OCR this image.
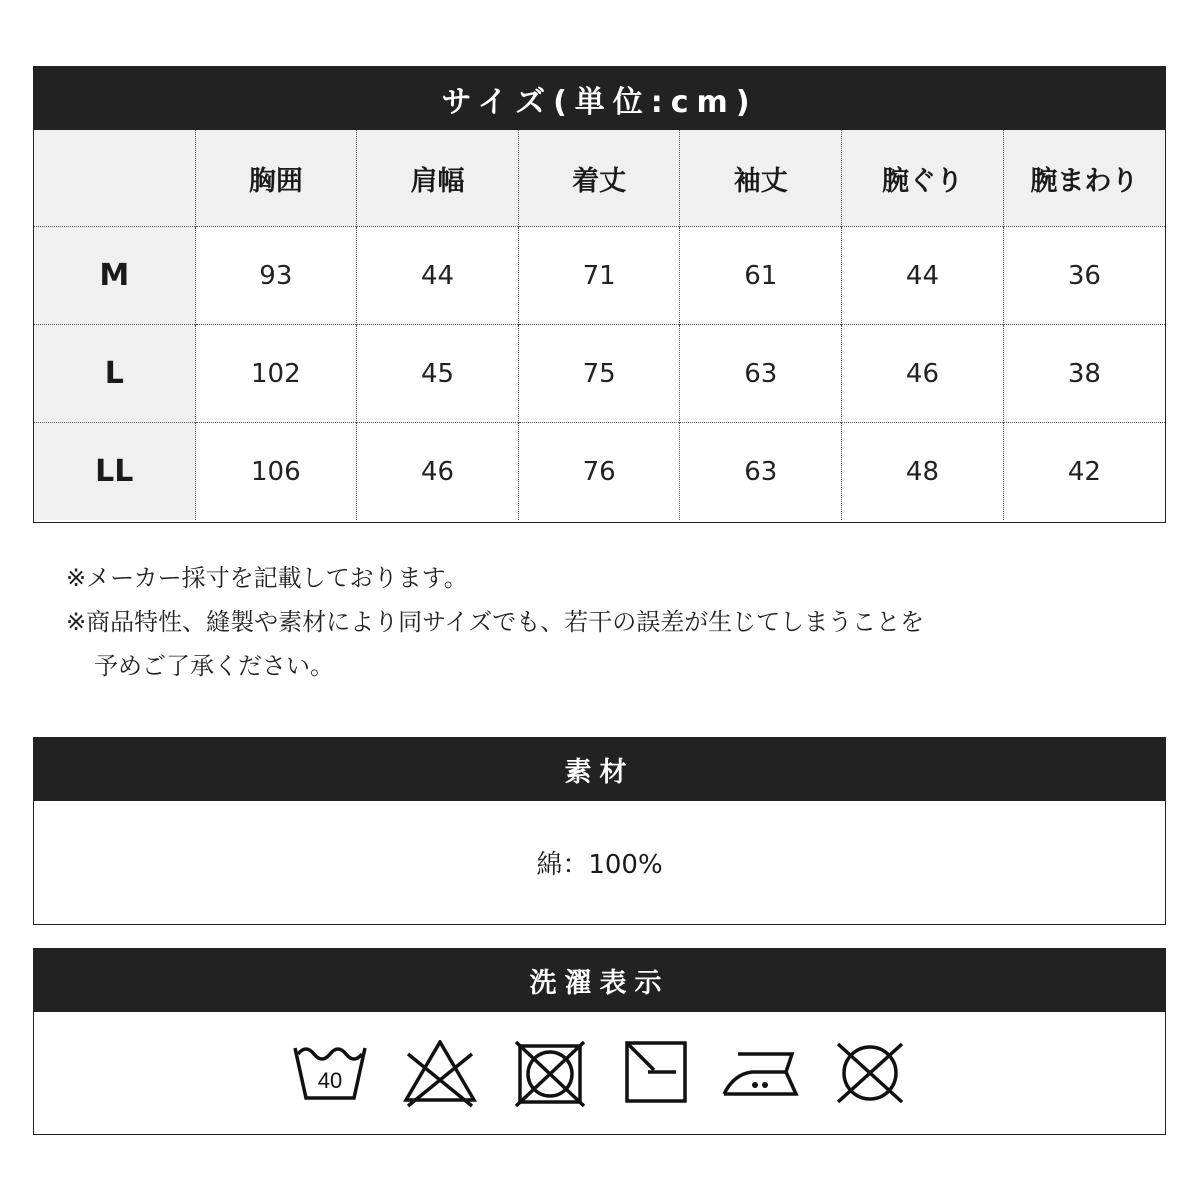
サイズ(単位:cm)
	胸囲	肩幅	着丈	袖丈	腕ぐり	腕まわり
M	93	44	71	61	44	36
L	102	45	75	63	46	38
LL	106	46	76	63	48	42
※メーカー採寸を記載しております。
※商品特性、縫製や素材により同サイズでも、若干の誤差が生じてしまうことを
予めご了承ください。
素材
綿：100%
洗濯表示
40
